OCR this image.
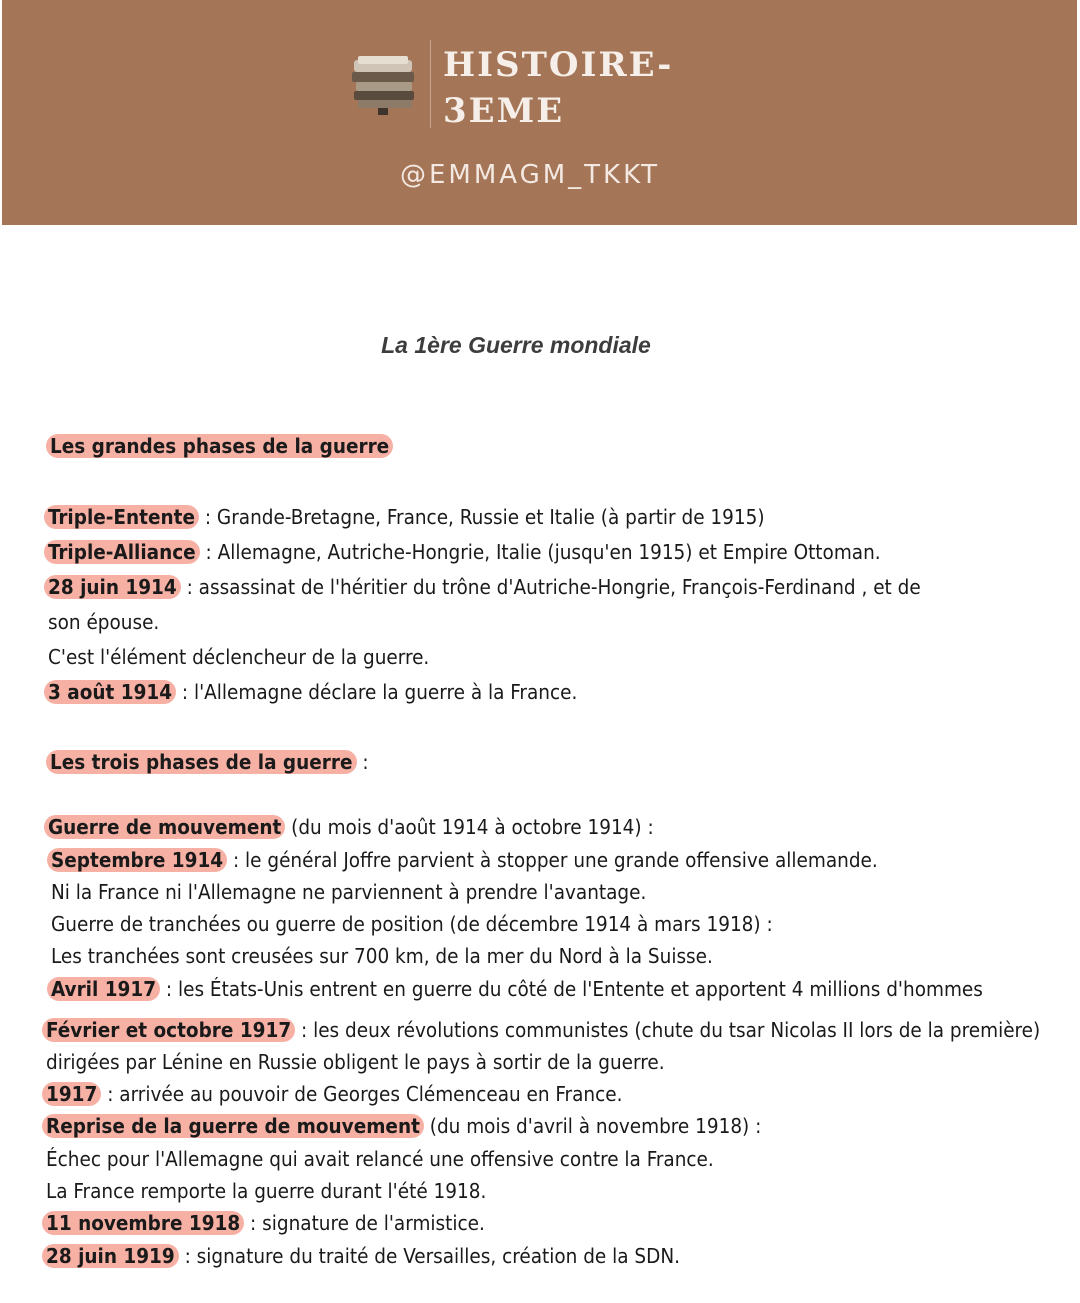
HISTOIRE-
3EME
@EMMAGM_TKKT
La 1ère Guerre mondiale
Les grandes phases de la guerre
Triple-Entente : Grande-Bretagne, France, Russie et Italie (à partir de 1915)
Triple-Alliance : Allemagne, Autriche-Hongrie, Italie (jusqu'en 1915) et Empire Ottoman.
28 juin 1914 : assassinat de l'héritier du trône d'Autriche-Hongrie, François-Ferdinand , et de
son épouse.
C'est l'élément déclencheur de la guerre.
3 août 1914 : l'Allemagne déclare la guerre à la France.
Les trois phases de la guerre :
Guerre de mouvement (du mois d'août 1914 à octobre 1914) :
Septembre 1914 : le général Joffre parvient à stopper une grande offensive allemande.
Ni la France ni l'Allemagne ne parviennent à prendre l'avantage.
Guerre de tranchées ou guerre de position (de décembre 1914 à mars 1918) :
Les tranchées sont creusées sur 700 km, de la mer du Nord à la Suisse.
Avril 1917 : les États-Unis entrent en guerre du côté de l'Entente et apportent 4 millions d'hommes
Février et octobre 1917 : les deux révolutions communistes (chute du tsar Nicolas II lors de la première)
dirigées par Lénine en Russie obligent le pays à sortir de la guerre.
1917 : arrivée au pouvoir de Georges Clémenceau en France.
Reprise de la guerre de mouvement (du mois d'avril à novembre 1918) :
Échec pour l'Allemagne qui avait relancé une offensive contre la France.
La France remporte la guerre durant l'été 1918.
11 novembre 1918 : signature de l'armistice.
28 juin 1919 : signature du traité de Versailles, création de la SDN.
